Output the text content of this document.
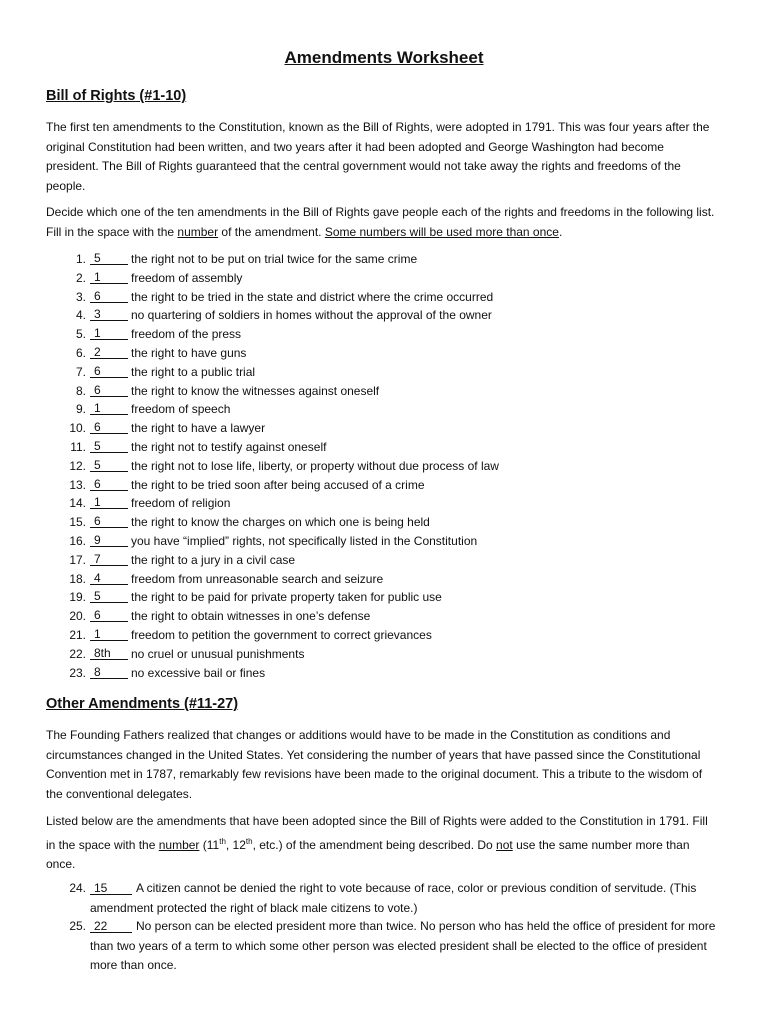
Amendments Worksheet
Bill of Rights (#1-10)
The first ten amendments to the Constitution, known as the Bill of Rights, were adopted in 1791. This was four years after the original Constitution had been written, and two years after it had been adopted and George Washington had become president. The Bill of Rights guaranteed that the central government would not take away the rights and freedoms of the people.
Decide which one of the ten amendments in the Bill of Rights gave people each of the rights and freedoms in the following list. Fill in the space with the number of the amendment. Some numbers will be used more than once.
1. 5	the right not to be put on trial twice for the same crime
2. 1	freedom of assembly
3. 6	the right to be tried in the state and district where the crime occurred
4. 3	no quartering of soldiers in homes without the approval of the owner
5. 1	freedom of the press
6. 2	the right to have guns
7. 6	the right to a public trial
8. 6	the right to know the witnesses against oneself
9. 1	freedom of speech
10. 6	the right to have a lawyer
11. 5	the right not to testify against oneself
12. 5	the right not to lose life, liberty, or property without due process of law
13. 6	the right to be tried soon after being accused of a crime
14. 1	freedom of religion
15. 6	the right to know the charges on which one is being held
16. 9	you have “implied” rights, not specifically listed in the Constitution
17. 7	the right to a jury in a civil case
18. 4	freedom from unreasonable search and seizure
19. 5	the right to be paid for private property taken for public use
20. 6	the right to obtain witnesses in one’s defense
21. 1	freedom to petition the government to correct grievances
22. 8th	no cruel or unusual punishments
23. 8	no excessive bail or fines
Other Amendments (#11-27)
The Founding Fathers realized that changes or additions would have to be made in the Constitution as conditions and circumstances changed in the United States. Yet considering the number of years that have passed since the Constitutional Convention met in 1787, remarkably few revisions have been made to the original document. This a tribute to the wisdom of the conventional delegates.
Listed below are the amendments that have been adopted since the Bill of Rights were added to the Constitution in 1791. Fill in the space with the number (11th, 12th, etc.) of the amendment being described. Do not use the same number more than once.
24. 15	A citizen cannot be denied the right to vote because of race, color or previous condition of servitude. (This amendment protected the right of black male citizens to vote.)
25. 22	No person can be elected president more than twice. No person who has held the office of president for more than two years of a term to which some other person was elected president shall be elected to the office of president more than once.
